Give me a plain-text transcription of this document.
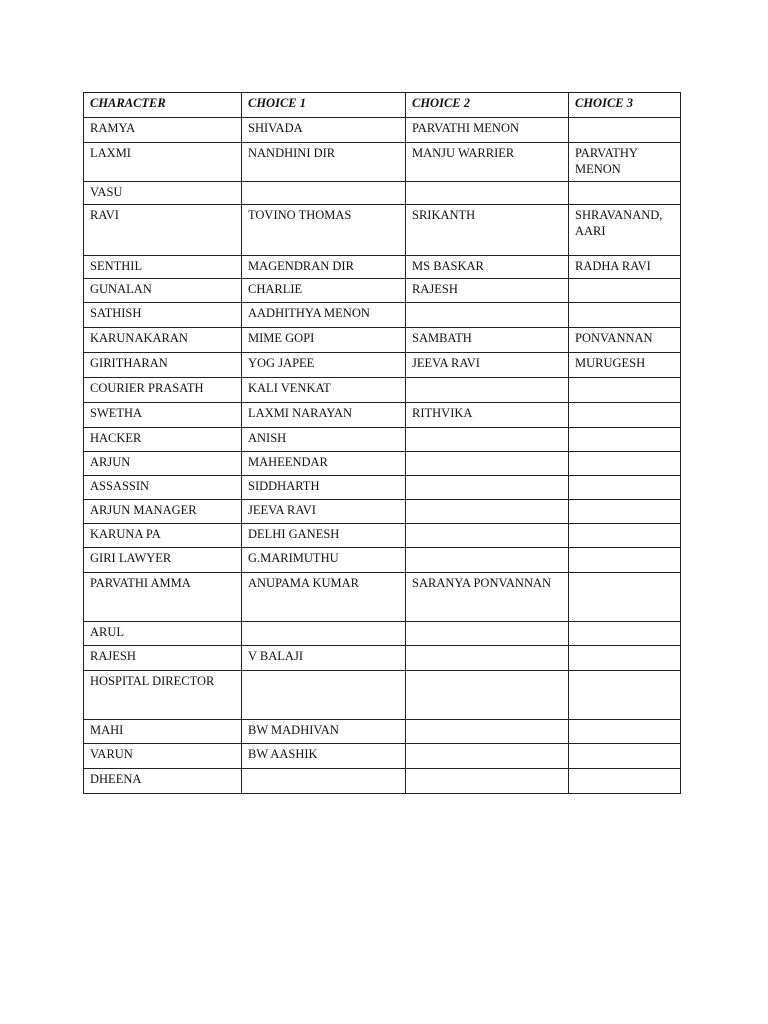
CHARACTER	CHOICE 1	CHOICE 2	CHOICE 3
RAMYA	SHIVADA	PARVATHI MENON	
LAXMI	NANDHINI DIR	MANJU WARRIER	PARVATHY MENON
VASU			
RAVI	TOVINO THOMAS	SRIKANTH	SHRAVANAND, AARI
SENTHIL	MAGENDRAN DIR	MS BASKAR	RADHA RAVI
GUNALAN	CHARLIE	RAJESH	
SATHISH	AADHITHYA MENON		
KARUNAKARAN	MIME GOPI	SAMBATH	PONVANNAN
GIRITHARAN	YOG JAPEE	JEEVA RAVI	MURUGESH
COURIER PRASATH	KALI VENKAT		
SWETHA	LAXMI NARAYAN	RITHVIKA	
HACKER	ANISH		
ARJUN	MAHEENDAR		
ASSASSIN	SIDDHARTH		
ARJUN MANAGER	JEEVA RAVI		
KARUNA PA	DELHI GANESH		
GIRI LAWYER	G.MARIMUTHU		
PARVATHI AMMA	ANUPAMA KUMAR	SARANYA PONVANNAN	
ARUL			
RAJESH	V BALAJI		
HOSPITAL DIRECTOR			
MAHI	BW MADHIVAN		
VARUN	BW AASHIK		
DHEENA			
